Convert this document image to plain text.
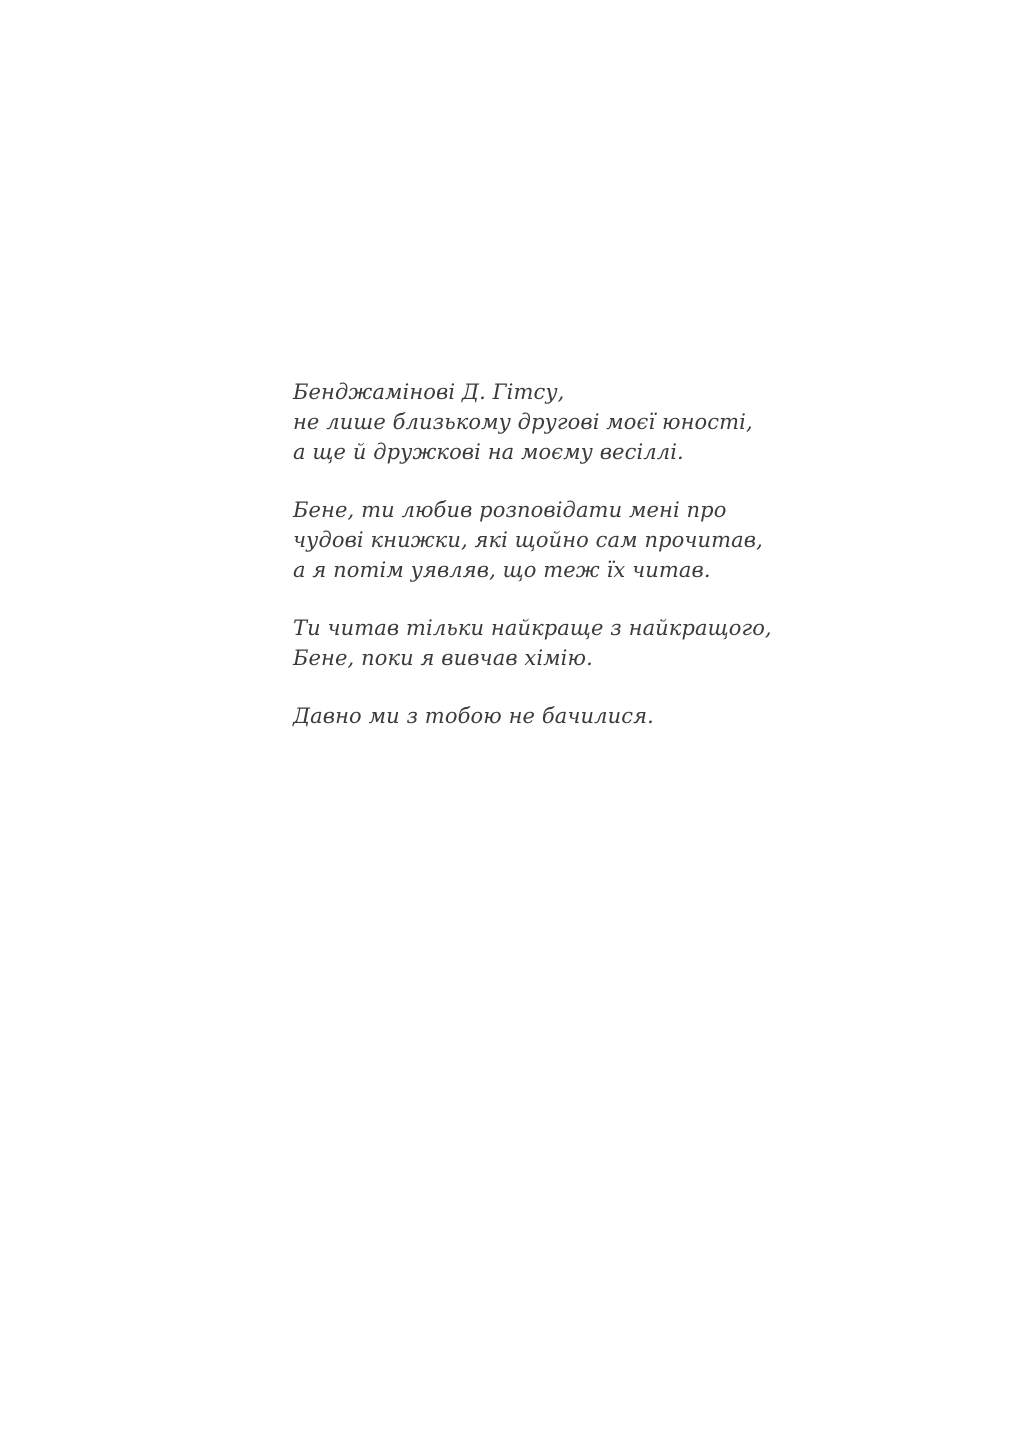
Бенджамінові Д. Гітсу,
не лише близькому другові моєї юності,
а ще й дружкові на моєму весіллі.

Бене, ти любив розповідати мені про
чудові книжки, які щойно сам прочитав,
а я потім уявляв, що теж їх читав.

Ти читав тільки найкраще з найкращого,
Бене, поки я вивчав хімію.

Давно ми з тобою не бачилися.
